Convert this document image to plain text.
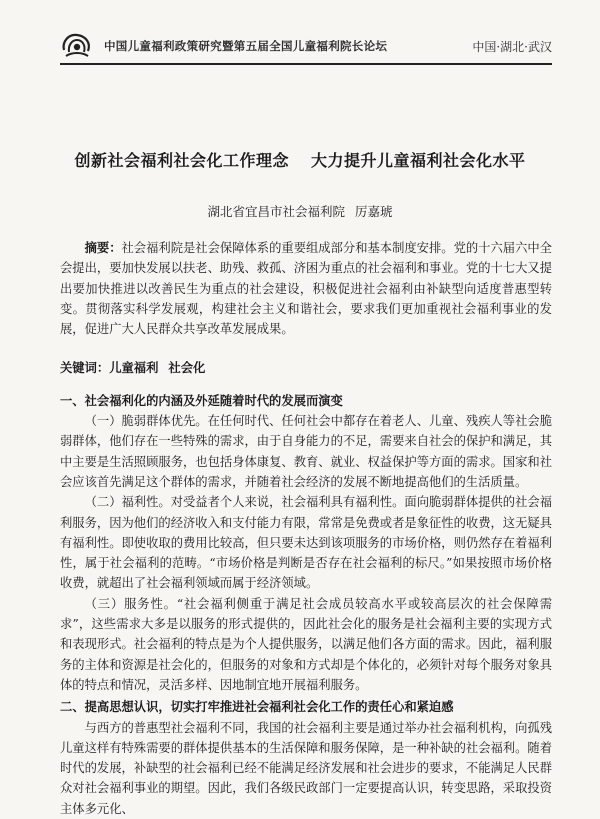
中国儿童福利政策研究暨第五届全国儿童福利院长论坛	中国·湖北·武汉
创新社会福利社会化工作理念 大力提升儿童福利社会化水平
湖北省宜昌市社会福利院 厉嘉琥

摘要：社会福利院是社会保障体系的重要组成部分和基本制度安排。党的十六届六中全会提出，要加快发展以扶老、助残、救孤、济困为重点的社会福利和事业。党的十七大又提出要加快推进以改善民生为重点的社会建设，积极促进社会福利由补缺型向适度普惠型转变。贯彻落实科学发展观，构建社会主义和谐社会，要求我们更加重视社会福利事业的发展，促进广大人民群众共享改革发展成果。

关键词：儿童福利 社会化

一、社会福利化的内涵及外延随着时代的发展而演变

（一）脆弱群体优先。在任何时代、任何社会中都存在着老人、儿童、残疾人等社会脆弱群体，他们存在一些特殊的需求，由于自身能力的不足，需要来自社会的保护和满足，其中主要是生活照顾服务，也包括身体康复、教育、就业、权益保护等方面的需求。国家和社会应该首先满足这个群体的需求，并随着社会经济的发展不断地提高他们的生活质量。

（二）福利性。对受益者个人来说，社会福利具有福利性。面向脆弱群体提供的社会福利服务，因为他们的经济收入和支付能力有限，常常是免费或者是象征性的收费，这无疑具有福利性。即使收取的费用比较高，但只要未达到该项服务的市场价格，则仍然存在着福利性，属于社会福利的范畴。“市场价格是判断是否存在社会福利的标尺。”如果按照市场价格收费，就超出了社会福利领域而属于经济领域。

（三）服务性。“社会福利侧重于满足社会成员较高水平或较高层次的社会保障需求”，这些需求大多是以服务的形式提供的，因此社会化的服务是社会福利主要的实现方式和表现形式。社会福利的特点是为个人提供服务，以满足他们各方面的需求。因此，福利服务的主体和资源是社会化的，但服务的对象和方式却是个体化的，必须针对每个服务对象具体的特点和情况，灵活多样、因地制宜地开展福利服务。

二、提高思想认识，切实打牢推进社会福利社会化工作的责任心和紧迫感

与西方的普惠型社会福利不同，我国的社会福利主要是通过举办社会福利机构，向孤残儿童这样有特殊需要的群体提供基本的生活保障和服务保障，是一种补缺的社会福利。随着时代的发展，补缺型的社会福利已经不能满足经济发展和社会进步的要求，不能满足人民群众对社会福利事业的期望。因此，我们各级民政部门一定要提高认识，转变思路，采取投资主体多元化、
